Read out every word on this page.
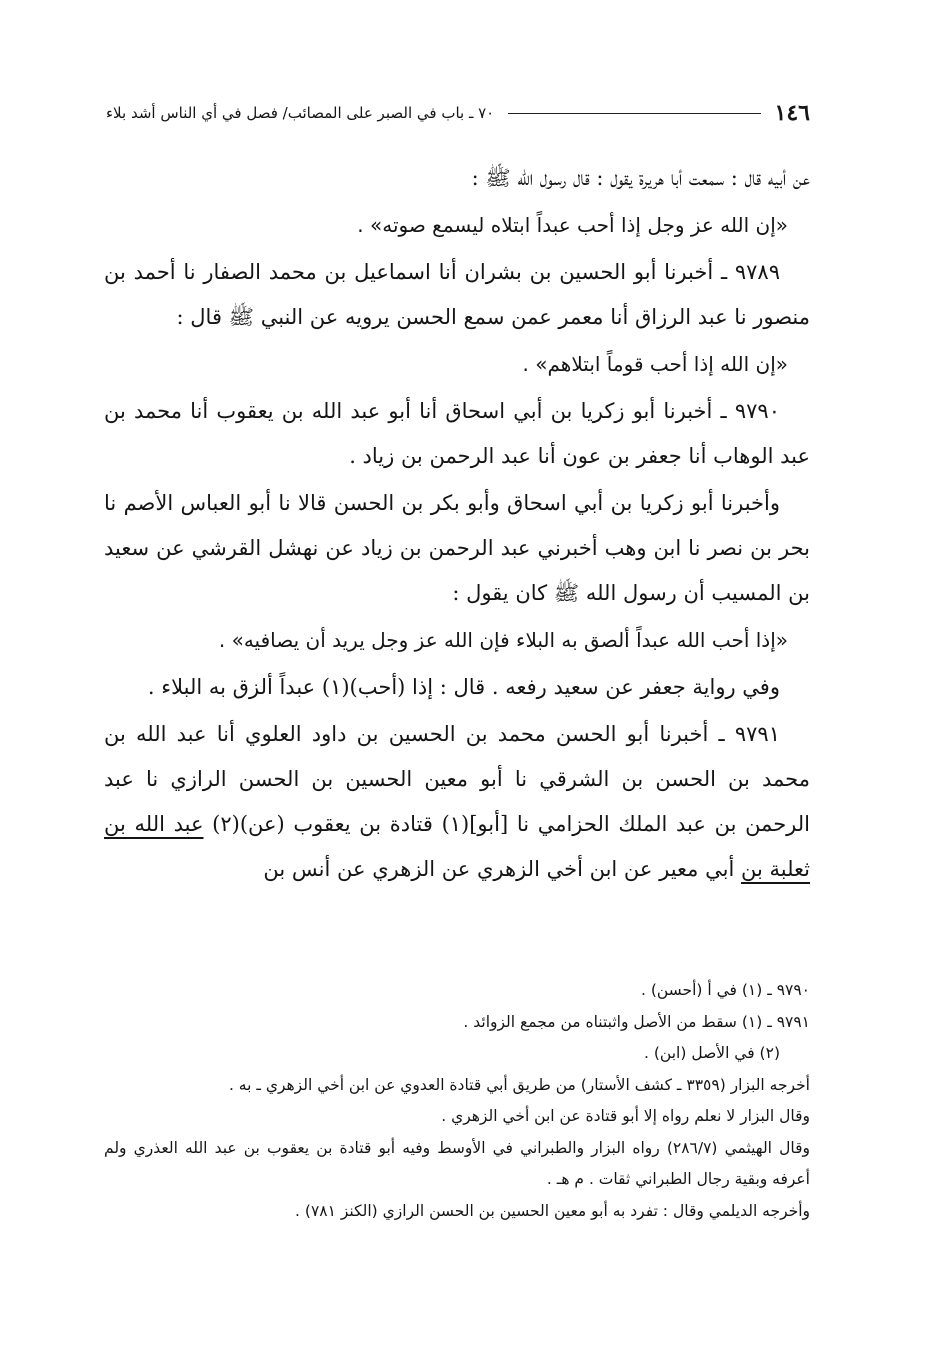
١٤٦
٧٠ ـ باب في الصبر على المصائب/ فصل في أي الناس أشد بلاء

عن أبيه قال : سمعت أبا هريرة يقول : قال رسول الله ﷺ :

«إن الله عز وجل إذا أحب عبداً ابتلاه ليسمع صوته» .

٩٧٨٩ ـ أخبرنا أبو الحسين بن بشران أنا اسماعيل بن محمد الصفار نا أحمد بن منصور نا عبد الرزاق أنا معمر عمن سمع الحسن يرويه عن النبي ﷺ قال :

«إن الله إذا أحب قوماً ابتلاهم» .

٩٧٩٠ ـ أخبرنا أبو زكريا بن أبي اسحاق أنا أبو عبد الله بن يعقوب أنا محمد بن عبد الوهاب أنا جعفر بن عون أنا عبد الرحمن بن زياد .

وأخبرنا أبو زكريا بن أبي اسحاق وأبو بكر بن الحسن قالا نا أبو العباس الأصم نا بحر بن نصر نا ابن وهب أخبرني عبد الرحمن بن زياد عن نهشل القرشي عن سعيد بن المسيب أن رسول الله ﷺ كان يقول :

«إذا أحب الله عبداً ألصق به البلاء فإن الله عز وجل يريد أن يصافيه» .

وفي رواية جعفر عن سعيد رفعه . قال : إذا (أحب)(١) عبداً ألزق به البلاء .

٩٧٩١ ـ أخبرنا أبو الحسن محمد بن الحسين بن داود العلوي أنا عبد الله بن محمد بن الحسن بن الشرقي نا أبو معين الحسين بن الحسن الرازي نا عبد الرحمن بن عبد الملك الحزامي نا [أبو](١) قتادة بن يعقوب (عن)(٢) عبد الله بن ثعلبة بن أبي معير عن ابن أخي الزهري عن الزهري عن أنس بن

٩٧٩٠ ـ (١) في أ (أحسن) .

٩٧٩١ ـ (١) سقط من الأصل واثبتناه من مجمع الزوائد .

(٢) في الأصل (ابن) .

أخرجه البزار (٣٣٥٩ ـ كشف الأستار) من طريق أبي قتادة العدوي عن ابن أخي الزهري ـ به .

وقال البزار لا نعلم رواه إلا أبو قتادة عن ابن أخي الزهري .

وقال الهيثمي (٢٨٦/٧) رواه البزار والطبراني في الأوسط وفيه أبو قتادة بن يعقوب بن عبد الله العذري ولم أعرفه وبقية رجال الطبراني ثقات . م هـ .

وأخرجه الديلمي وقال : تفرد به أبو معين الحسين بن الحسن الرازي (الكنز ٧٨١) .
